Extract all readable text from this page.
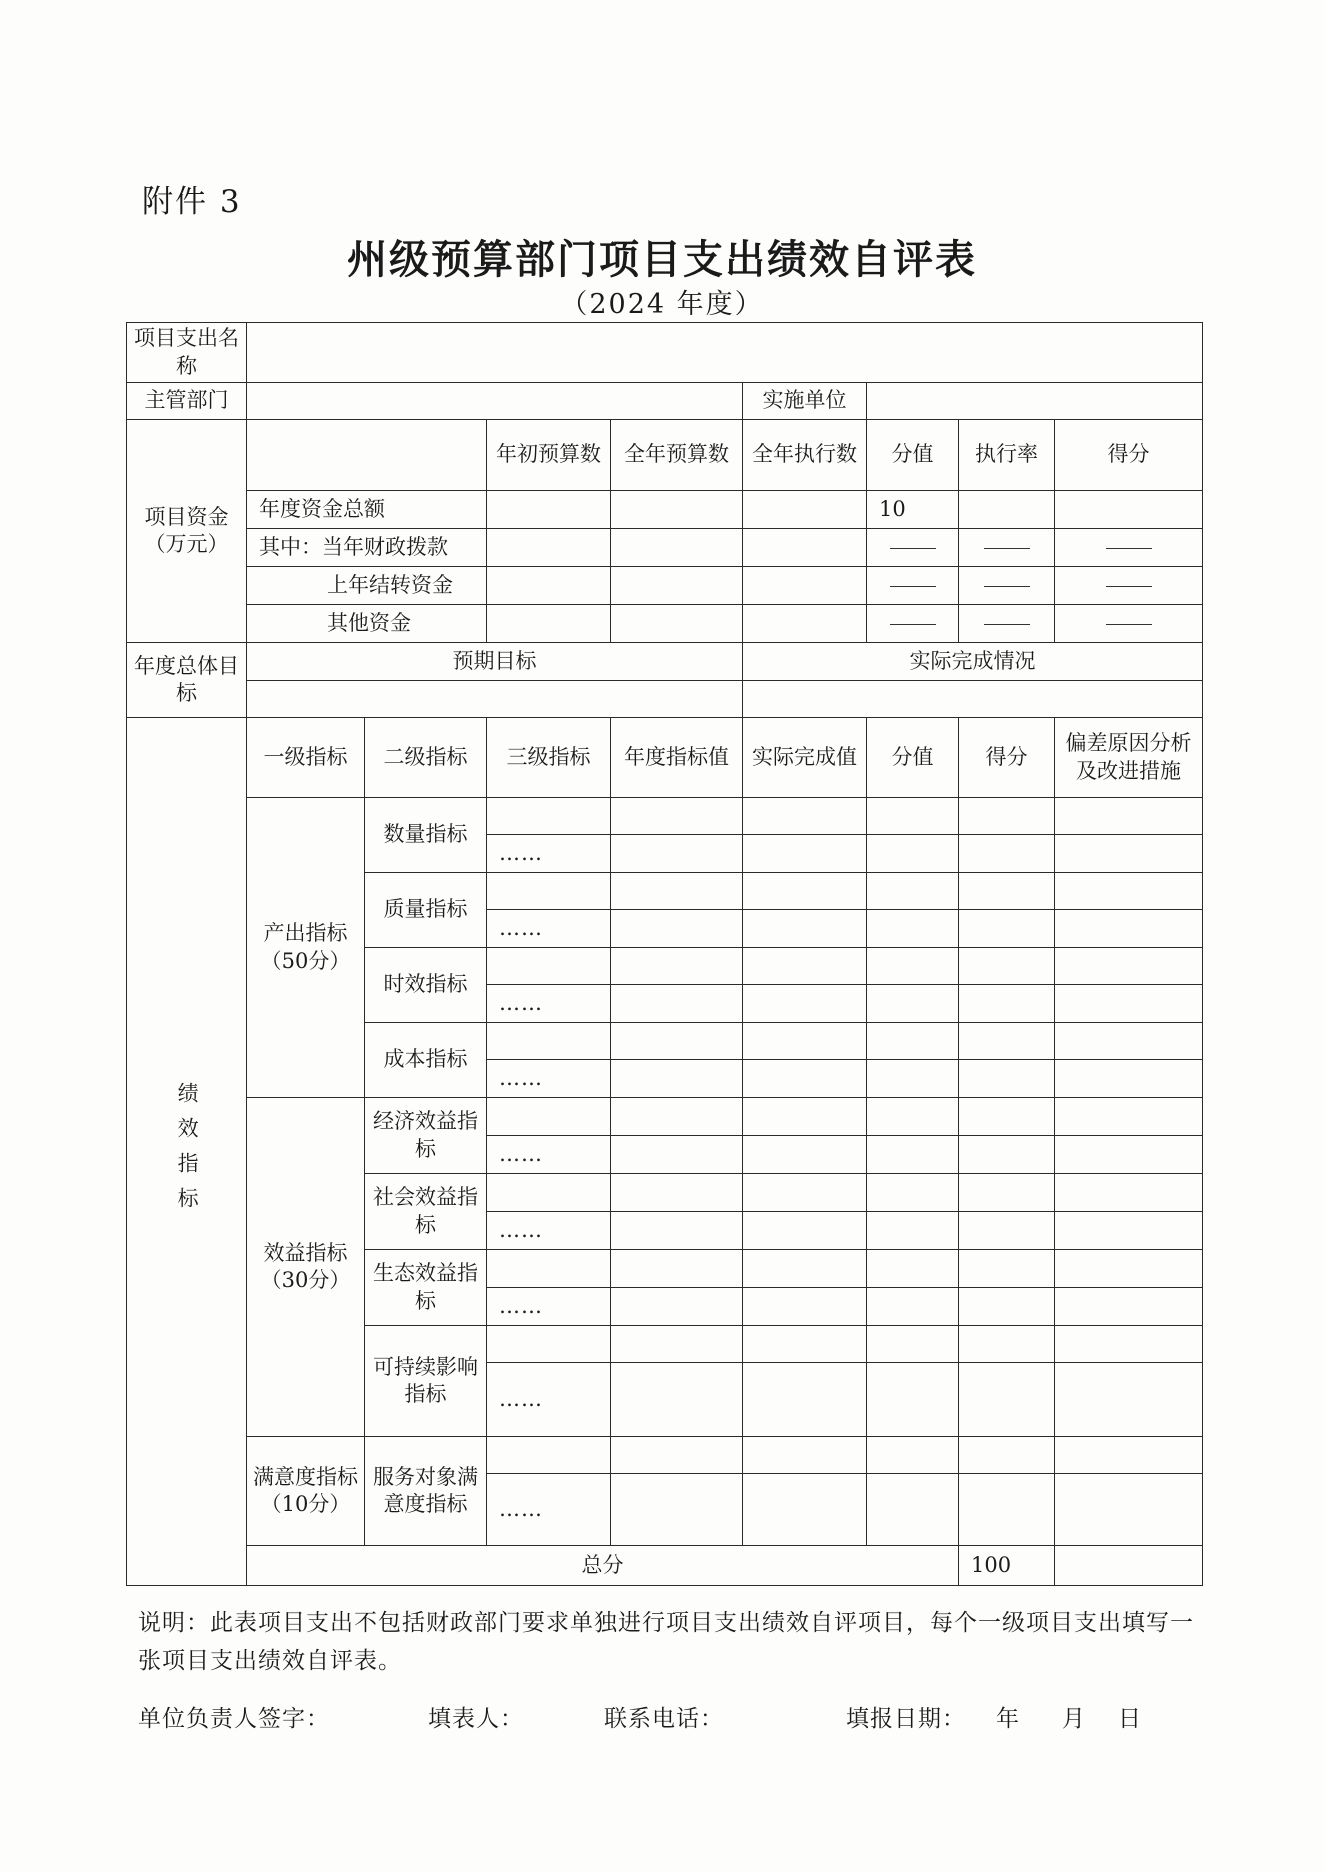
附件 3
州级预算部门项目支出绩效自评表
（2024 年度）
项目支出名称									
主管部门					实施单位				
项目资金（万元）			年初预算数	全年预算数	全年执行数	分值	执行率	得分	
	年度资金总额					10			
	其中：当年财政拨款								
	上年结转资金								
	其他资金								
年度总体目标	预期目标				实际完成情况				

绩效指标	一级指标	二级指标	三级指标	年度指标值	实际完成值	分值	得分	偏差原因分析及改进措施	
	产出指标（50分）	数量指标							
			……						
		质量指标							
			……						
		时效指标							
			……						
		成本指标							
			……						
	效益指标（30分）	经济效益指标							
			……						
		社会效益指标							
			……						
		生态效益指标							
			……						
		可持续影响指标							
			……						

	满意度指标（10分）	服务对象满意度指标							
			……						

	总分						100		
说明：此表项目支出不包括财政部门要求单独进行项目支出绩效自评项目，每个一级项目支出填写一张项目支出绩效自评表。
单位负责人签字：	填表人：	联系电话：	填报日期： 年 月 日
